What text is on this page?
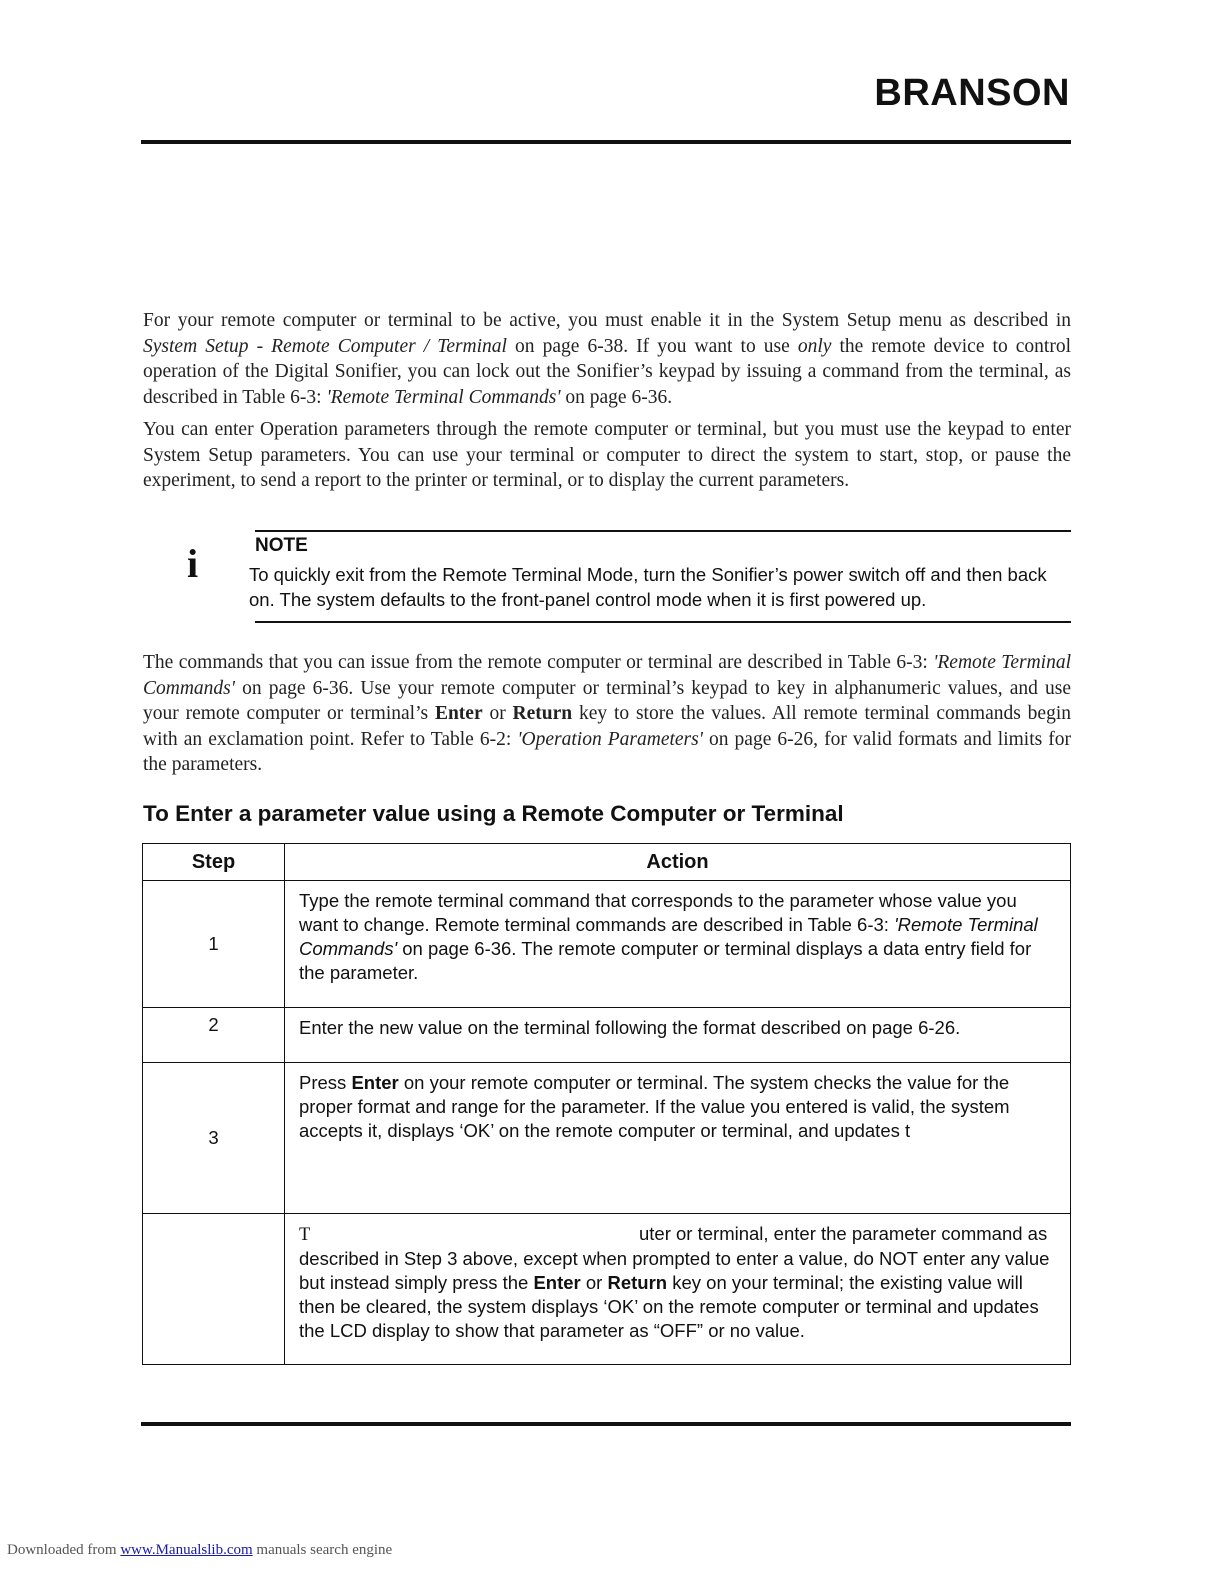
BRANSON

For your remote computer or terminal to be active, you must enable it in the System Setup menu as described in System Setup - Remote Computer / Terminal on page 6-38. If you want to use only the remote device to control operation of the Digital Sonifier, you can lock out the Sonifier’s keypad by issuing a command from the terminal, as described in Table 6-3: 'Remote Terminal Commands' on page 6-36.

You can enter Operation parameters through the remote computer or terminal, but you must use the keypad to enter System Setup parameters. You can use your terminal or computer to direct the system to start, stop, or pause the experiment, to send a report to the printer or terminal, or to display the current parameters.

i	NOTE
To quickly exit from the Remote Terminal Mode, turn the Sonifier’s power switch off and then back on. The system defaults to the front-panel control mode when it is first powered up.

The commands that you can issue from the remote computer or terminal are described in Table 6-3: 'Remote Terminal Commands' on page 6-36. Use your remote computer or terminal’s keypad to key in alphanumeric values, and use your remote computer or terminal’s Enter or Return key to store the values. All remote terminal commands begin with an exclamation point. Refer to Table 6-2: 'Operation Parameters' on page 6-26, for valid formats and limits for the parameters.

To Enter a parameter value using a Remote Computer or Terminal
Step	Action
1	Type the remote terminal command that corresponds to the parameter whose value you want to change. Remote terminal commands are described in Table 6-3: 'Remote Terminal Commands' on page 6-36. The remote computer or terminal displays a data entry field for the parameter.
2	Enter the new value on the terminal following the format described on page 6-26.
3	Press Enter on your remote computer or terminal. The system checks the value for the proper format and range for the parameter. If the value you entered is valid, the system accepts it, displays ‘OK’ on the remote computer or terminal, and updates t
	T uter or terminal, enter the parameter command as described in Step 3 above, except when prompted to enter a value, do NOT enter any value but instead simply press the Enter or Return key on your terminal; the existing value will then be cleared, the system displays ‘OK’ on the remote computer or terminal and updates the LCD display to show that parameter as “OFF” or no value.
Downloaded from www.Manualslib.com manuals search engine
